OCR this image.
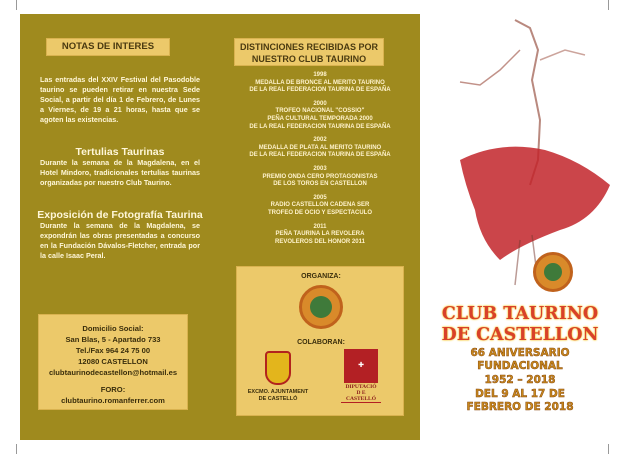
NOTAS DE INTERES
Las entradas del XXIV Festival del Pasodoble taurino se pueden retirar en nuestra Sede Social, a partir del día 1 de Febrero, de Lunes a Viernes, de 19 a 21 horas, hasta que se agoten las existencias.
Tertulias Taurinas
Durante la semana de la Magdalena, en el Hotel Mindoro, tradicionales tertulias taurinas organizadas por nuestro Club Taurino.
Exposición de Fotografía Taurina
Durante la semana de la Magdalena, se expondrán las obras presentadas a concurso en la Fundación Dávalos-Fletcher, entrada por la calle Isaac Peral.
Domicilio Social:
San Blas, 5 - Apartado 733
Tel./Fax 964 24 75 00
12080 CASTELLON
clubtaurinodecastellon@hotmail.es
FORO:
clubtaurino.romanferrer.com
DISTINCIONES RECIBIDAS POR
NUESTRO CLUB TAURINO
1998
MEDALLA DE BRONCE AL MERITO TAURINO
DE LA REAL FEDERACION TAURINA DE ESPAÑA
2000
TROFEO NACIONAL "COSSIO"
PEÑA CULTURAL TEMPORADA 2000
DE LA REAL FEDERACION TAURINA DE ESPAÑA
2002
MEDALLA DE PLATA AL MERITO TAURINO
DE LA REAL FEDERACION TAURINA DE ESPAÑA
2003
PREMIO ONDA CERO PROTAGONISTAS
DE LOS TOROS EN CASTELLON
2005
RADIO CASTELLON CADENA SER
TROFEO DE OCIO Y ESPECTACULO
2011
PEÑA TAURINA LA REVOLERA
REVOLEROS DEL HONOR 2011
ORGANIZA:
COLABORAN:
EXCMO. AJUNTAMENT
DE CASTELLÓ
✚
DIPUTACIÓ
D E
CASTELLÓ
CLUB TAURINO
DE CASTELLON
66 ANIVERSARIO
FUNDACIONAL
1952 – 2018
DEL 9 AL 17 DE
FEBRERO DE 2018
